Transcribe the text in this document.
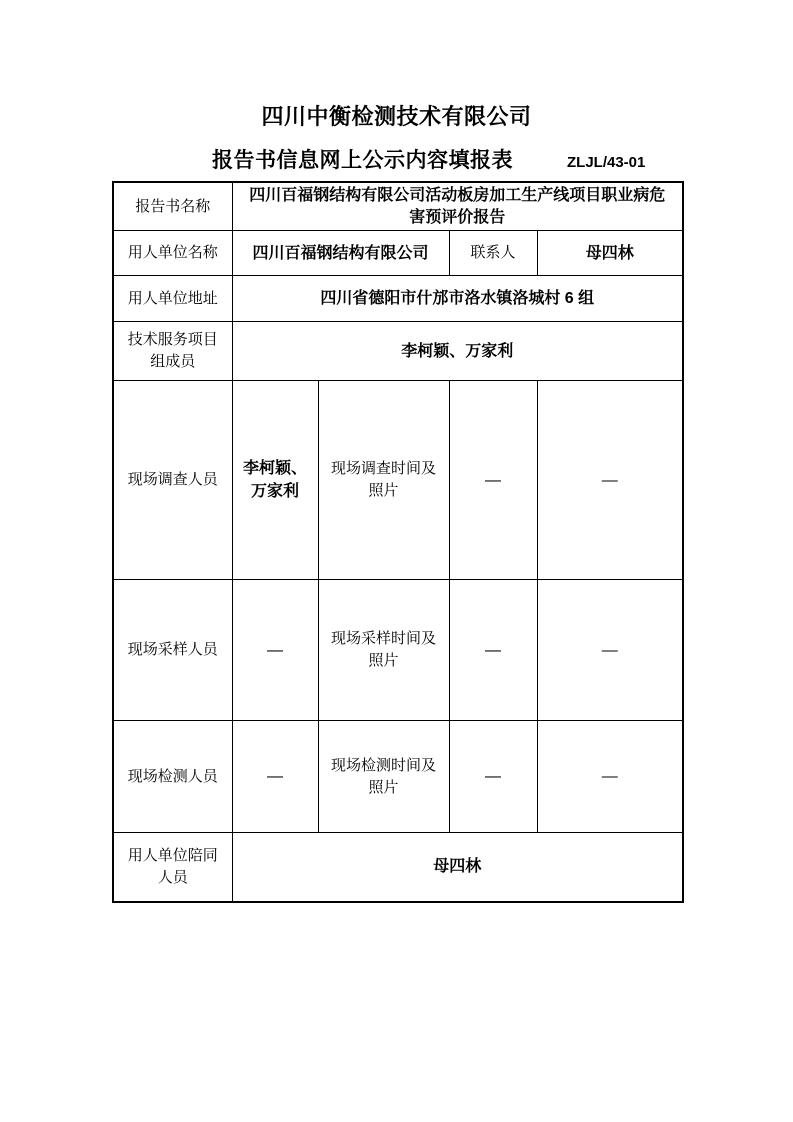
四川中衡检测技术有限公司
报告书信息网上公示内容填报表	ZLJL/43-01
报告书名称	四川百福钢结构有限公司活动板房加工生产线项目职业病危害预评价报告			
用人单位名称	四川百福钢结构有限公司		联系人	母四林
用人单位地址	四川省德阳市什邡市洛水镇洛城村 6 组			
技术服务项目组成员	李柯颖、万家利			
现场调查人员	李柯颖、万家利	现场调查时间及照片	—	—
现场采样人员	—	现场采样时间及照片	—	—
现场检测人员	—	现场检测时间及照片	—	—
用人单位陪同人员	母四林			
